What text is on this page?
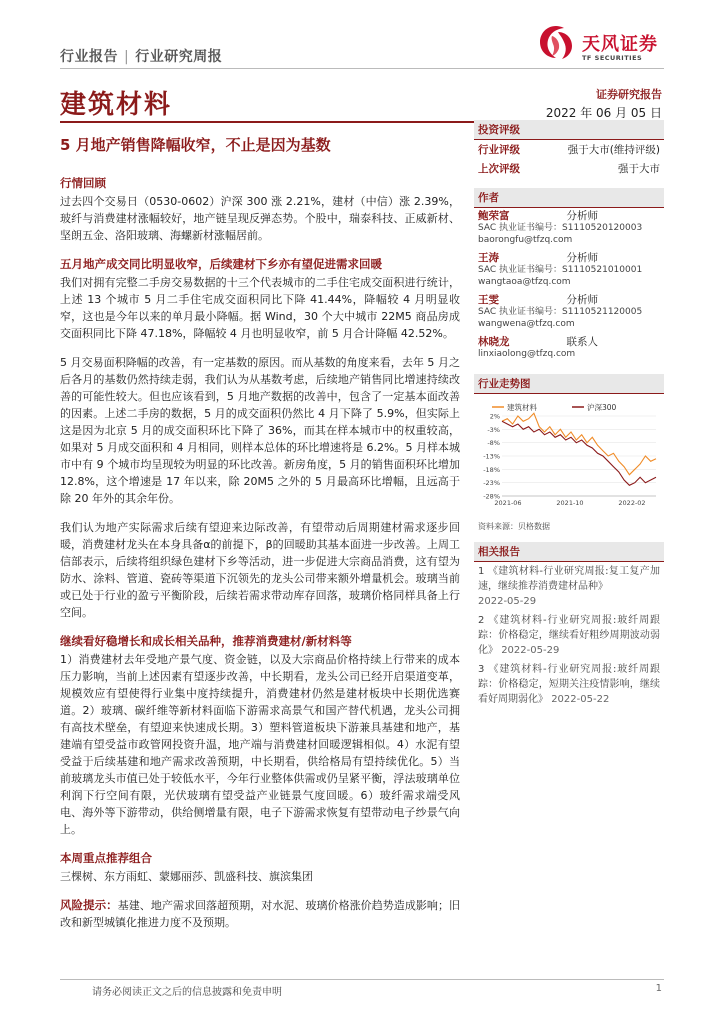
行业报告 | 行业研究周报
天风证券
TF SECURITIES
建筑材料	证券研究报告
2022 年 06 月 05 日
5 月地产销售降幅收窄，不止是因为基数
行情回顾
过去四个交易日（0530-0602）沪深 300 涨 2.21%，建材（中信）涨 2.39%，玻纤与消费建材涨幅较好，地产链呈现反弹态势。个股中，瑞泰科技、正威新材、坚朗五金、洛阳玻璃、海螺新材涨幅居前。
五月地产成交同比明显收窄，后续建材下乡亦有望促进需求回暖
我们对拥有完整二手房交易数据的十三个代表城市的二手住宅成交面积进行统计，上述 13 个城市 5 月二手住宅成交面积同比下降 41.44%，降幅较 4 月明显收窄，这也是今年以来的单月最小降幅。据 Wind，30 个大中城市 22M5 商品房成交面积同比下降 47.18%，降幅较 4 月也明显收窄，前 5 月合计降幅 42.52%。
5 月交易面积降幅的改善，有一定基数的原因。而从基数的角度来看，去年 5 月之后各月的基数仍然持续走弱，我们认为从基数考虑，后续地产销售同比增速持续改善的可能性较大。但也应该看到，5 月地产数据的改善中，包含了一定基本面改善的因素。上述二手房的数据，5 月的成交面积仍然比 4 月下降了 5.9%，但实际上这是因为北京 5 月的成交面积环比下降了 36%，而其在样本城市中的权重较高，如果对 5 月成交面积和 4 月相同，则样本总体的环比增速将是 6.2%。5 月样本城市中有 9 个城市均呈现较为明显的环比改善。新房角度，5 月的销售面积环比增加 12.8%，这个增速是 17 年以来，除 20M5 之外的 5 月最高环比增幅，且远高于除 20 年外的其余年份。
我们认为地产实际需求后续有望迎来边际改善，有望带动后周期建材需求逐步回暖，消费建材龙头在本身具备α的前提下，β的回暖助其基本面进一步改善。上周工信部表示，后续将组织绿色建材下乡等活动，进一步促进大宗商品消费，这有望为防水、涂料、管道、瓷砖等渠道下沉领先的龙头公司带来额外增量机会。玻璃当前或已处于行业的盈亏平衡阶段，后续若需求带动库存回落，玻璃价格同样具备上行空间。
继续看好稳增长和成长相关品种，推荐消费建材/新材料等
1）消费建材去年受地产景气度、资金链，以及大宗商品价格持续上行带来的成本压力影响，当前上述因素有望逐步改善，中长期看，龙头公司已经开启渠道变革，规模效应有望使得行业集中度持续提升，消费建材仍然是建材板块中长期优选赛道。2）玻璃、碳纤维等新材料面临下游需求高景气和国产替代机遇，龙头公司拥有高技术壁垒，有望迎来快速成长期。3）塑料管道板块下游兼具基建和地产，基建端有望受益市政管网投资升温，地产端与消费建材回暖逻辑相似。4）水泥有望受益于后续基建和地产需求改善预期，中长期看，供给格局有望持续优化。5）当前玻璃龙头市值已处于较低水平，今年行业整体供需或仍呈紧平衡，浮法玻璃单位利润下行空间有限，光伏玻璃有望受益产业链景气度回暖。6）玻纤需求端受风电、海外等下游带动，供给侧增量有限，电子下游需求恢复有望带动电子纱景气向上。
本周重点推荐组合
三棵树、东方雨虹、蒙娜丽莎、凯盛科技、旗滨集团
风险提示：基建、地产需求回落超预期，对水泥、玻璃价格涨价趋势造成影响；旧改和新型城镇化推进力度不及预期。
投资评级
行业评级	强于大市(维持评级)
上次评级	强于大市
作者
鲍荣富	分析师
SAC 执业证书编号：S1110520120003
baorongfu@tfzq.com
王涛	分析师
SAC 执业证书编号：S1110521010001
wangtaoa@tfzq.com
王雯	分析师
SAC 执业证书编号：S1110521120005
wangwena@tfzq.com
林晓龙	联系人
linxiaolong@tfzq.com
行业走势图
建筑材料	沪深300
2%
-3%
-8%
-13%
-18%
-23%
-28%
2021-06	2021-10	2022-02
资料来源：贝格数据
相关报告
1 《建筑材料-行业研究周报:复工复产加速，继续推荐消费建材品种》
2022-05-29
2 《建筑材料-行业研究周报:玻纤周跟踪：价格稳定，继续看好粗纱周期波动弱化》 2022-05-29
3 《建筑材料-行业研究周报:玻纤周跟踪：价格稳定，短期关注疫情影响，继续看好周期弱化》 2022-05-22
请务必阅读正文之后的信息披露和免责申明	1
